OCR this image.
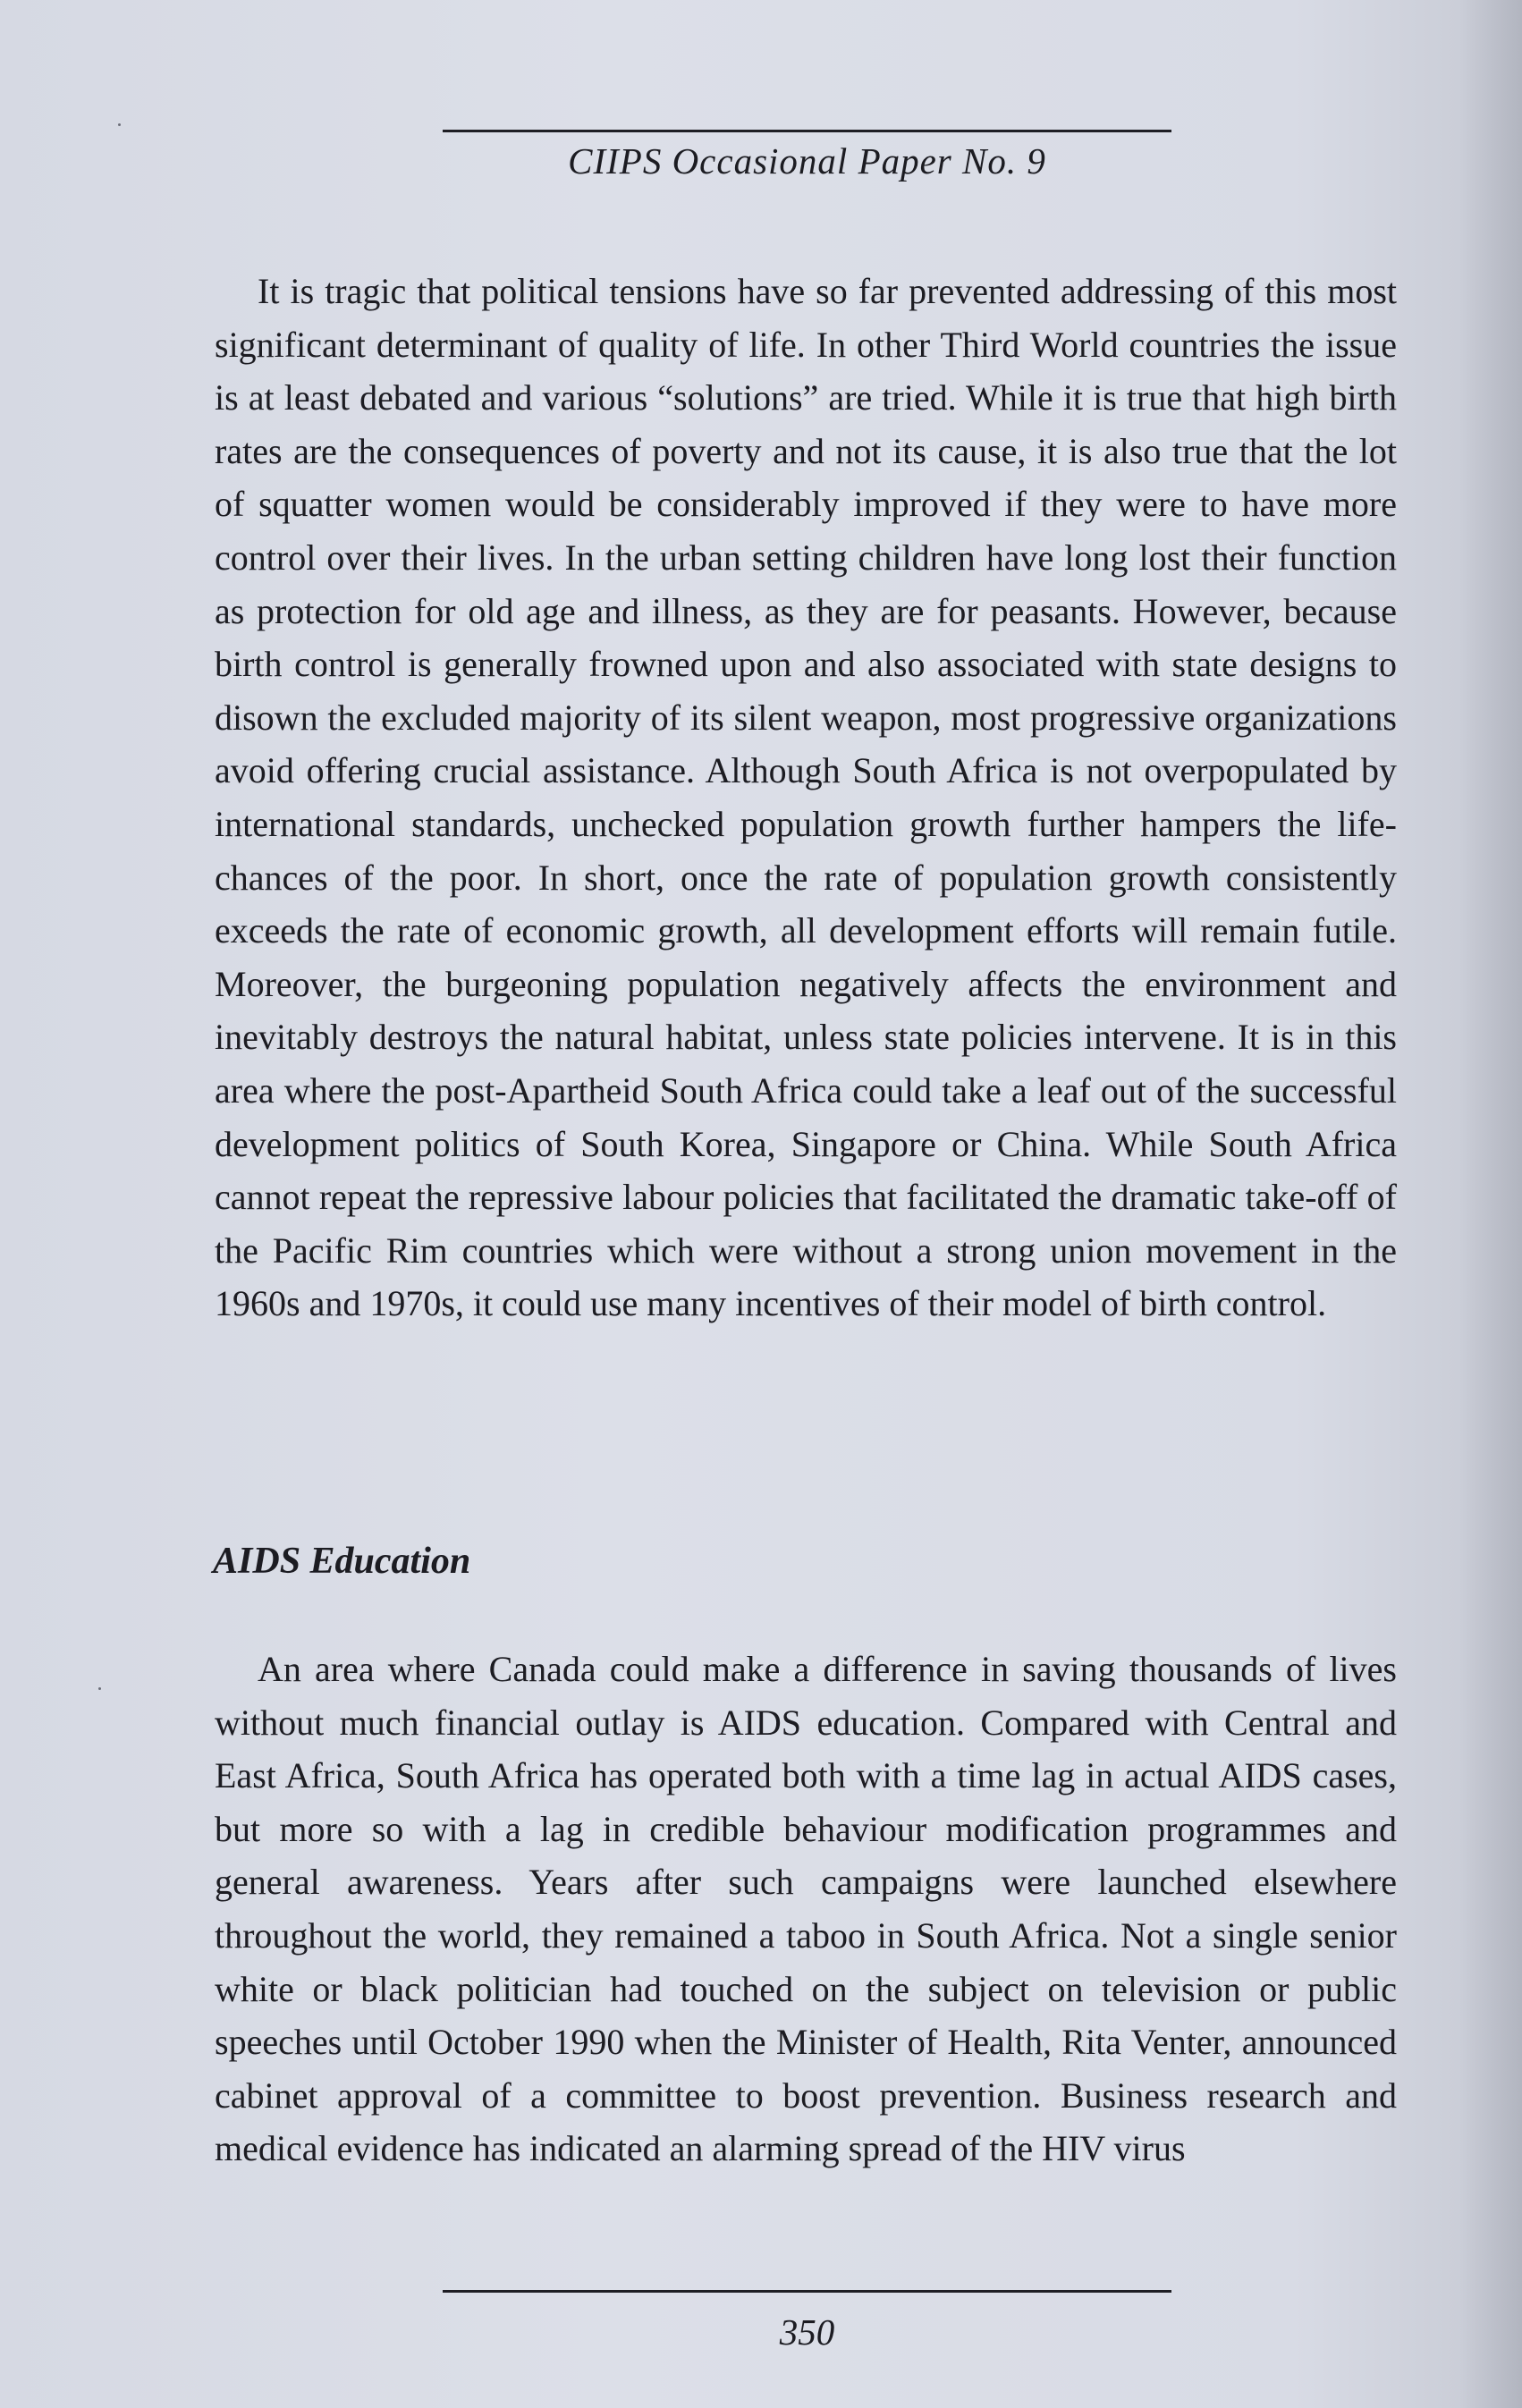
CIIPS Occasional Paper No. 9

It is tragic that political tensions have so far prevented addressing of this most significant determinant of quality of life. In other Third World countries the issue is at least debated and various “solutions” are tried. While it is true that high birth rates are the consequences of poverty and not its cause, it is also true that the lot of squatter women would be considerably improved if they were to have more control over their lives. In the urban setting children have long lost their function as protection for old age and illness, as they are for peasants. However, because birth control is generally frowned upon and also associated with state designs to disown the excluded majority of its silent weapon, most progressive organizations avoid offering crucial assistance. Although South Africa is not overpopulated by international standards, unchecked population growth further hampers the life-chances of the poor. In short, once the rate of population growth consistently exceeds the rate of economic growth, all development efforts will remain futile. Moreover, the burgeoning population negatively affects the environment and inevitably destroys the natural habitat, unless state policies intervene. It is in this area where the post-Apartheid South Africa could take a leaf out of the successful development politics of South Korea, Singapore or China. While South Africa cannot repeat the repressive labour policies that facilitated the dramatic take-off of the Pacific Rim countries which were without a strong union movement in the 1960s and 1970s, it could use many incentives of their model of birth control.

AIDS Education

An area where Canada could make a difference in saving thousands of lives without much financial outlay is AIDS education. Compared with Central and East Africa, South Africa has operated both with a time lag in actual AIDS cases, but more so with a lag in credible behaviour modification programmes and general awareness. Years after such campaigns were launched elsewhere throughout the world, they remained a taboo in South Africa. Not a single senior white or black politician had touched on the subject on television or public speeches until October 1990 when the Minister of Health, Rita Venter, announced cabinet approval of a committee to boost prevention. Business research and medical evidence has indicated an alarming spread of the HIV virus

350
